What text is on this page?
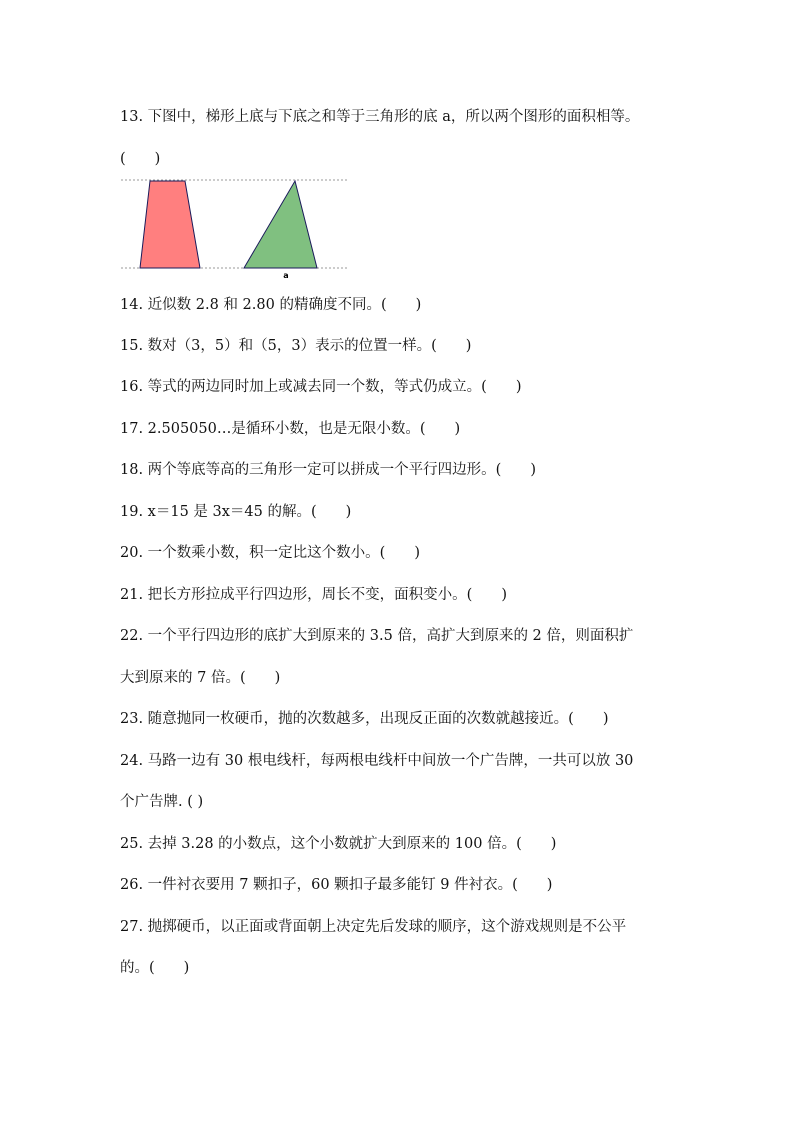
13. 下图中，梯形上底与下底之和等于三角形的底 a，所以两个图形的面积相等。
(　　)
a
14. 近似数 2.8 和 2.80 的精确度不同。(　　)
15. 数对（3，5）和（5，3）表示的位置一样。(　　)
16. 等式的两边同时加上或减去同一个数，等式仍成立。(　　)
17. 2.505050…是循环小数，也是无限小数。(　　)
18. 两个等底等高的三角形一定可以拼成一个平行四边形。(　　)
19. x＝15 是 3x＝45 的解。(　　)
20. 一个数乘小数，积一定比这个数小。(　　)
21. 把长方形拉成平行四边形，周长不变，面积变小。(　　)
22. 一个平行四边形的底扩大到原来的 3.5 倍，高扩大到原来的 2 倍，则面积扩
大到原来的 7 倍。(　　)
23. 随意抛同一枚硬币，抛的次数越多，出现反正面的次数就越接近。(　　)
24. 马路一边有 30 根电线杆，每两根电线杆中间放一个广告牌，一共可以放 30
个广告牌. ( )
25. 去掉 3.28 的小数点，这个小数就扩大到原来的 100 倍。(　　)
26. 一件衬衣要用 7 颗扣子，60 颗扣子最多能钉 9 件衬衣。(　　)
27. 抛掷硬币，以正面或背面朝上决定先后发球的顺序，这个游戏规则是不公平
的。(　　)
